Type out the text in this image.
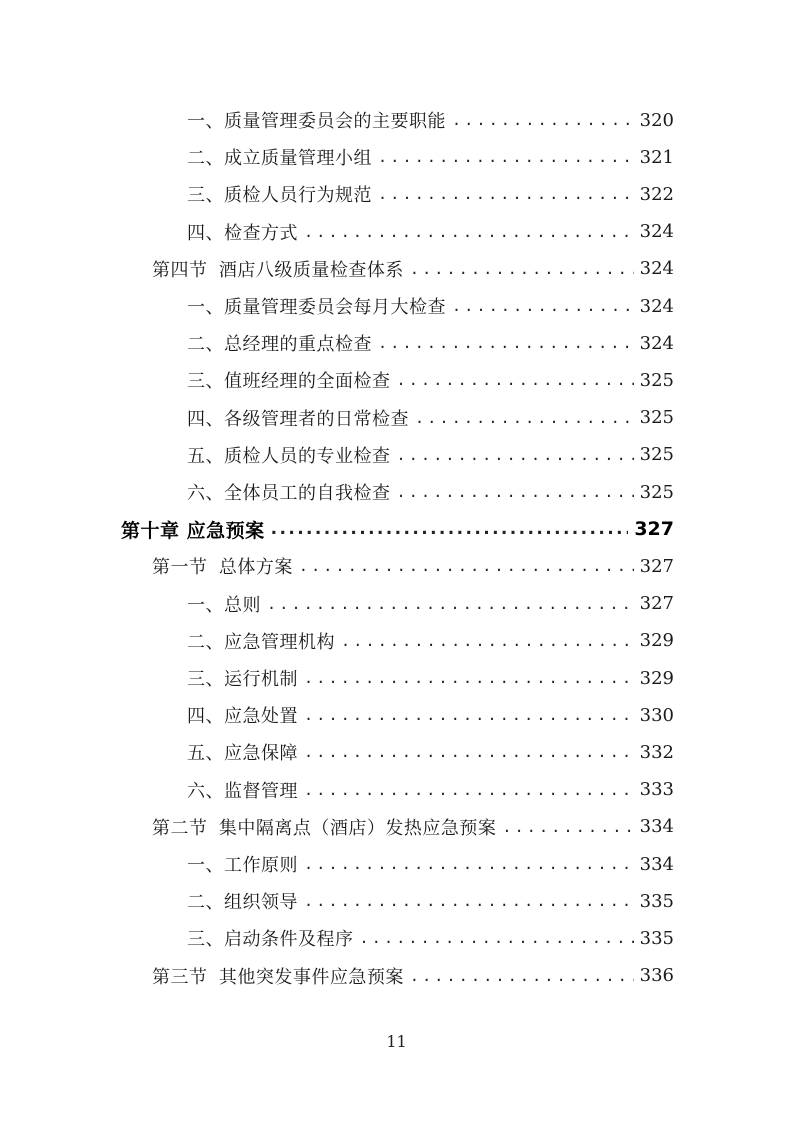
一、质量管理委员会的主要职能 .....	320
二、成立质量管理小组 .....	321
三、质检人员行为规范 .....	322
四、检查方式 .....	324
第四节 酒店八级质量检查体系 .....	324
一、质量管理委员会每月大检查 .....	324
二、总经理的重点检查 .....	324
三、值班经理的全面检查 .....	325
四、各级管理者的日常检查 .....	325
五、质检人员的专业检查 .....	325
六、全体员工的自我检查 .....	325
第十章 应急预案 .....	327
第一节 总体方案 .....	327
一、总则 .....	327
二、应急管理机构 .....	329
三、运行机制 .....	329
四、应急处置 .....	330
五、应急保障 .....	332
六、监督管理 .....	333
第二节 集中隔离点（酒店）发热应急预案 .....	334
一、工作原则 .....	334
二、组织领导 .....	335
三、启动条件及程序 .....	335
第三节 其他突发事件应急预案 .....	336
11
